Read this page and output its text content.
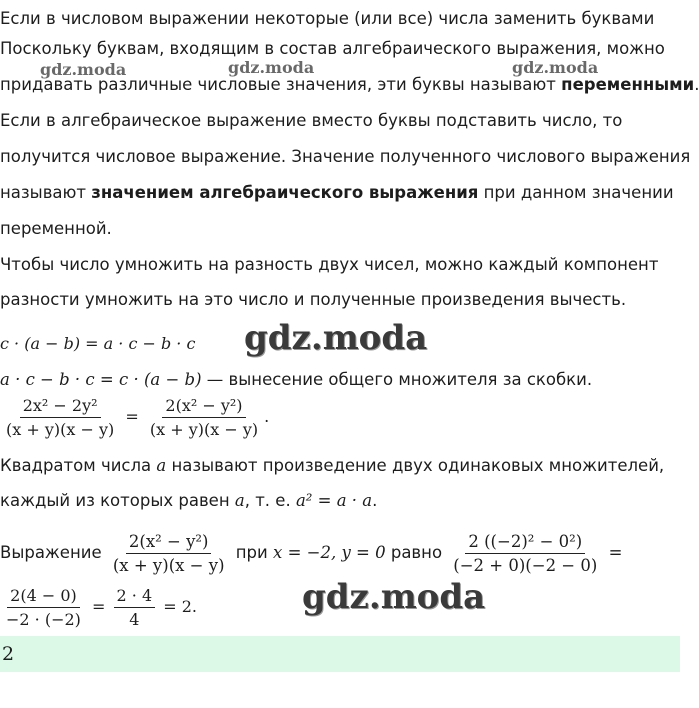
Если в числовом выражении некоторые (или все) числа заменить буквами
Поскольку буквам, входящим в состав алгебраического выражения, можно
gdz.moda	gdz.moda	gdz.moda
придавать различные числовые значения, эти буквы называют переменными.
Если в алгебраическое выражение вместо буквы подставить число, то
получится числовое выражение. Значение полученного числового выражения
называют значением алгебраического выражения при данном значении
переменной.
Чтобы число умножить на разность двух чисел, можно каждый компонент
разности умножить на это число и полученные произведения вычесть.
c · (a − b) = a · c − b · c gdz.moda
a · c − b · c = c · (a − b) — вынесение общего множителя за скобки.
$\frac{\text{2x² − 2y²}}{(x + y)(x - y)} = \frac{\text{2(x² − y²)}}{(x + y)(x - y)}$ .
Квадратом числа a называют произведение двух одинаковых множителей,
каждый из которых равен a, т. е. a² = a · a.
Выражение $\frac{\text{2(x² − y²)}}{(x + y)(x - y)}$ при x = −2, y = 0 равно $\frac{\text{2 ((−2)² − 0²)}}{(-2 + 0)(-2 - 0)}$ =
$\frac{2(4 - 0)}{-2 \cdot (-2)} = \frac{2 \cdot 4}{4} = 2$.	gdz.moda
2
